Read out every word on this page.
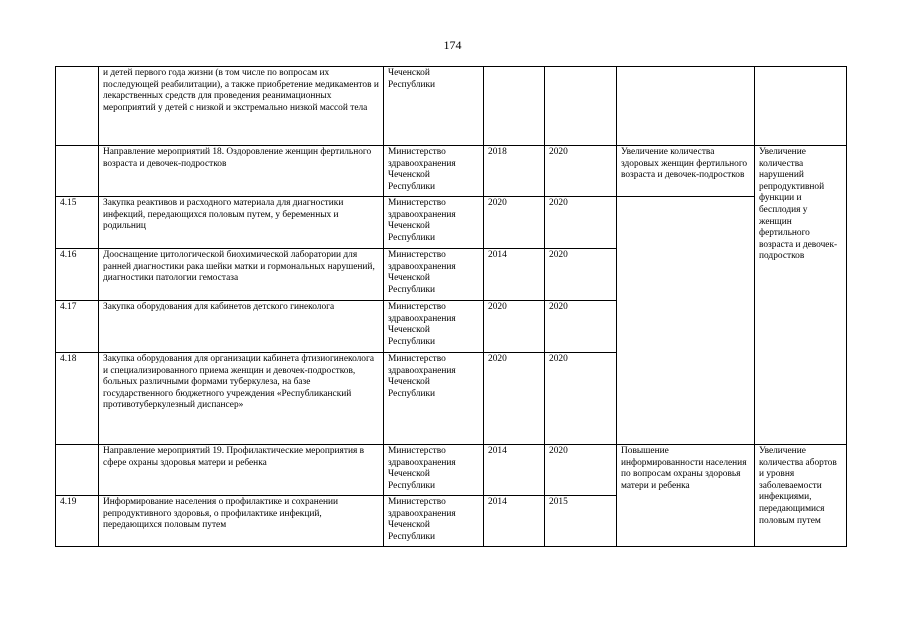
174
	и детей первого года жизни (в том числе по вопросам их последующей реабилитации), а также приобретение медикаментов и лекарственных средств для проведения реанимационных мероприятий у детей с низкой и экстремально низкой массой тела	Чеченской Республики				
	Направление мероприятий 18. Оздоровление женщин фертильного возраста и девочек-подростков	Министерство здравоохранения Чеченской Республики	2018	2020	Увеличение количества здоровых женщин фертильного возраста и девочек-подростков	Увеличение количества нарушений репродуктивной функции и бесплодия у женщин фертильного возраста и девочек-подростков
4.15	Закупка реактивов и расходного материала для диагностики инфекций, передающихся половым путем, у беременных и родильниц	Министерство здравоохранения Чеченской Республики	2020	2020		
4.16	Дооснащение цитологической биохимической лаборатории для ранней диагностики рака шейки матки и гормональных нарушений, диагностики патологии гемостаза	Министерство здравоохранения Чеченской Республики	2014	2020		
4.17	Закупка оборудования для кабинетов детского гинеколога	Министерство здравоохранения Чеченской Республики	2020	2020		
4.18	Закупка оборудования для организации кабинета фтизиогинеколога и специализированного приема женщин и девочек-подростков, больных различными формами туберкулеза, на базе государственного бюджетного учреждения «Республиканский противотуберкулезный диспансер»	Министерство здравоохранения Чеченской Республики	2020	2020		
	Направление мероприятий 19. Профилактические мероприятия в сфере охраны здоровья матери и ребенка	Министерство здравоохранения Чеченской Республики	2014	2020	Повышение информированности населения по вопросам охраны здоровья матери и ребенка	Увеличение количества абортов и уровня заболеваемости инфекциями, передающимися половым путем
4.19	Информирование населения о профилактике и сохранении репродуктивного здоровья, о профилактике инфекций, передающихся половым путем	Министерство здравоохранения Чеченской Республики	2014	2015		
